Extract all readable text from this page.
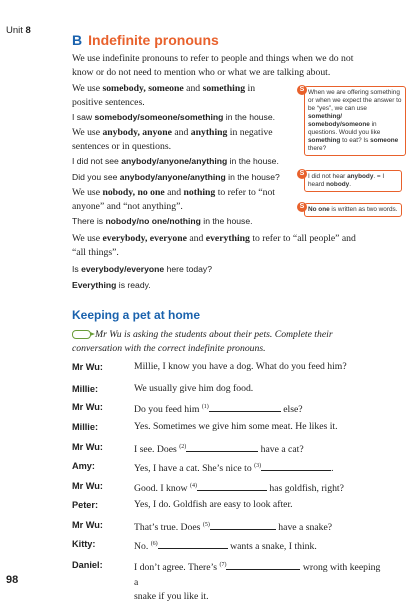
Unit 8
B Indefinite pronouns
We use indefinite pronouns to refer to people and things when we do not know or do not need to mention who or what we are talking about.
We use somebody, someone and something in positive sentences.
I saw somebody/someone/something in the house.
We use anybody, anyone and anything in negative sentences or in questions.
I did not see anybody/anyone/anything in the house.
Did you see anybody/anyone/anything in the house?
We use nobody, no one and nothing to refer to “not anyone” and “not anything”.
There is nobody/no one/nothing in the house.
We use everybody, everyone and everything to refer to “all people” and “all things”.
Is everybody/everyone here today?
Everything is ready.
S When we are offering something or when we expect the answer to be “yes”, we can use something/ somebody/someone in questions. Would you like something to eat? Is someone there?
S I did not hear anybody. = I heard nobody.
S No one is written as two words.
Keeping a pet at home
Mr Wu is asking the students about their pets. Complete their conversation with the correct indefinite pronouns.
Mr Wu:	Millie, I know you have a dog. What do you feed him?
Millie:	We usually give him dog food.
Mr Wu:	Do you feed him $^{(1)}$	else?
Millie:	Yes. Sometimes we give him some meat. He likes it.
Mr Wu:	I see. Does $^{(2)}$	have a cat?
Amy:	Yes, I have a cat. She’s nice to $^{(3)}$	.
Mr Wu:	Good. I know $^{(4)}$	has goldfish, right?
Peter:	Yes, I do. Goldfish are easy to look after.
Mr Wu:	That’s true. Does $^{(5)}$	have a snake?
Kitty:	No. $^{(6)}$	wants a snake, I think.
Daniel:	I don’t agree. There’s $^{(7)}$	wrong with keeping a
snake if you like it.
98
